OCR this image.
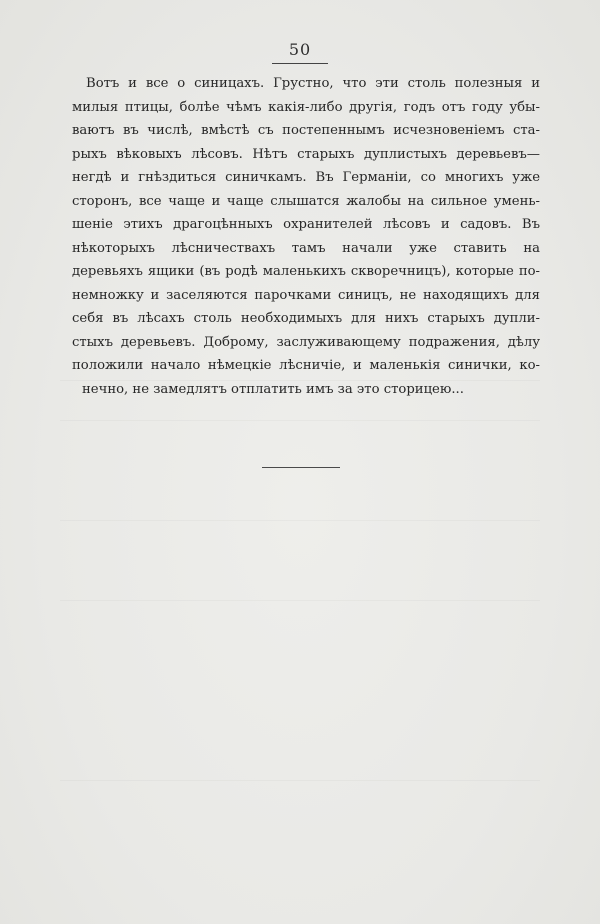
50
Вотъ и все о синицахъ. Грустно, что эти столь полезныя и
милыя птицы, болѣе чѣмъ какія-либо другія, годъ отъ году убы-
ваютъ въ числѣ, вмѣстѣ съ постепеннымъ исчезновеніемъ ста-
рыхъ вѣковыхъ лѣсовъ. Нѣтъ старыхъ дуплистыхъ деревьевъ—
негдѣ и гнѣздиться синичкамъ. Въ Германіи, со многихъ уже
сторонъ, все чаще и чаще слышатся жалобы на сильное умень-
шеніе этихъ драгоцѣнныхъ охранителей лѣсовъ и садовъ. Въ
нѣкоторыхъ лѣсничествахъ тамъ начали уже ставить на
деревьяхъ ящики (въ родѣ маленькихъ скворечницъ), которые по-
немножку и заселяются парочками синицъ, не находящихъ для
себя въ лѣсахъ столь необходимыхъ для нихъ старыхъ дупли-
стыхъ деревьевъ. Доброму, заслуживающему подражения, дѣлу
положили начало нѣмецкіе лѣсничіе, и маленькія синички, ко-
нечно, не замедлятъ отплатить имъ за это сторицею...
